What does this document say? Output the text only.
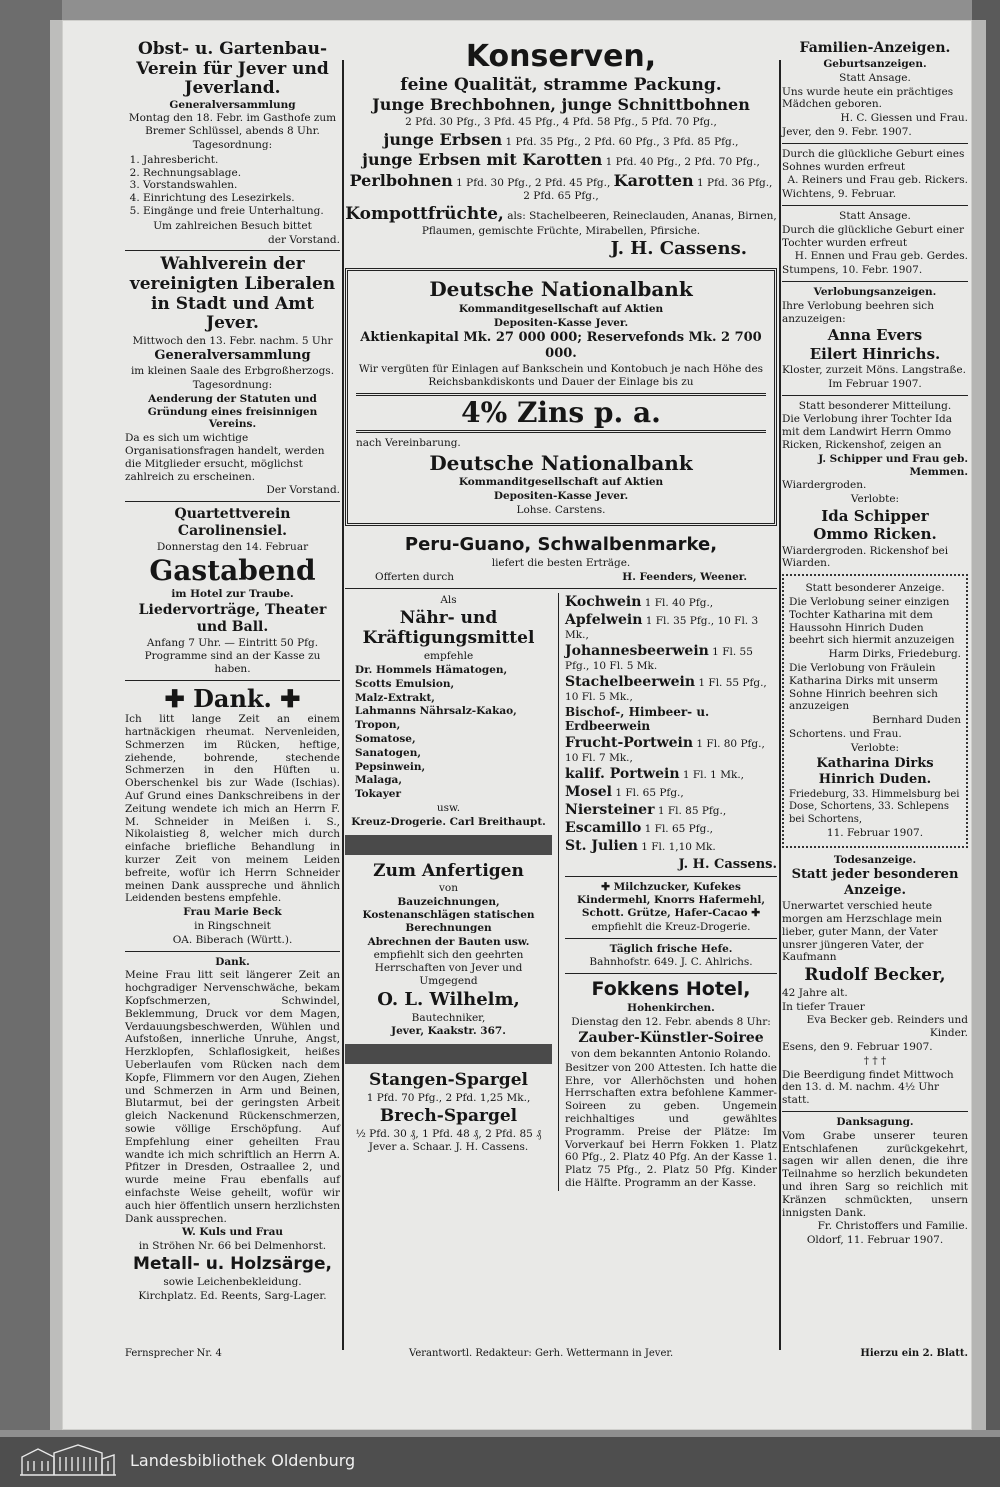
Obst- u. Gartenbau-Verein für Jever und Jeverland.
Generalversammlung

Montag den 18. Febr. im Gasthofe zum Bremer Schlüssel, abends 8 Uhr.

Tagesordnung:

1. Jahresbericht.
2. Rechnungsablage.
3. Vorstandswahlen.
4. Einrichtung des Lesezirkels.
5. Eingänge und freie Unterhaltung.

Um zahlreichen Besuch bittet

der Vorstand.

Wahlverein der vereinigten Liberalen in Stadt und Amt Jever.

Mittwoch den 13. Febr. nachm. 5 Uhr

Generalversammlung

im kleinen Saale des Erbgroßherzogs.

Tagesordnung:

Aenderung der Statuten und Gründung eines freisinnigen Vereins.

Da es sich um wichtige Organisationsfragen handelt, werden die Mitglieder ersucht, möglichst zahlreich zu erscheinen.

Der Vorstand.

Quartettverein Carolinensiel.

Donnerstag den 14. Februar

Gastabend

im Hotel zur Traube.

Liedervorträge, Theater und Ball.

Anfang 7 Uhr. — Eintritt 50 Pfg. Programme sind an der Kasse zu haben.

✚ Dank. ✚

Ich litt lange Zeit an einem hartnäckigen rheumat. Nervenleiden, Schmerzen im Rücken, heftige, ziehende, bohrende, stechende Schmerzen in den Hüften u. Oberschenkel bis zur Wade (Ischias). Auf Grund eines Dankschreibens in der Zeitung wendete ich mich an Herrn F. M. Schneider in Meißen i. S., Nikolaistieg 8, welcher mich durch einfache briefliche Behandlung in kurzer Zeit von meinem Leiden befreite, wofür ich Herrn Schneider meinen Dank ausspreche und ähnlich Leidenden bestens empfehle.

Frau Marie Beck

in Ringschneit

OA. Biberach (Württ.).

Dank.

Meine Frau litt seit längerer Zeit an hochgradiger Nervenschwäche, bekam Kopfschmerzen, Schwindel, Beklemmung, Druck vor dem Magen, Verdauungsbeschwerden, Wühlen und Aufstoßen, innerliche Unruhe, Angst, Herzklopfen, Schlaflosigkeit, heißes Ueberlaufen vom Rücken nach dem Kopfe, Flimmern vor den Augen, Ziehen und Schmerzen in Arm und Beinen, Blutarmut, bei der geringsten Arbeit gleich Nackenund Rückenschmerzen, sowie völlige Erschöpfung. Auf Empfehlung einer geheilten Frau wandte ich mich schriftlich an Herrn A. Pfitzer in Dresden, Ostraallee 2, und wurde meine Frau ebenfalls auf einfachste Weise geheilt, wofür wir auch hier öffentlich unsern herzlichsten Dank aussprechen.

W. Kuls und Frau

in Ströhen Nr. 66 bei Delmenhorst.

Metall- u. Holzsärge,

sowie Leichenbekleidung.

Kirchplatz. Ed. Reents, Sarg-Lager.

Konserven,
feine Qualität, stramme Packung.
Junge Brechbohnen, junge Schnittbohnen

2 Pfd. 30 Pfg., 3 Pfd. 45 Pfg., 4 Pfd. 58 Pfg., 5 Pfd. 70 Pfg.,

junge Erbsen 1 Pfd. 35 Pfg., 2 Pfd. 60 Pfg., 3 Pfd. 85 Pfg.,

junge Erbsen mit Karotten 1 Pfd. 40 Pfg., 2 Pfd. 70 Pfg.,

Perlbohnen 1 Pfd. 30 Pfg., 2 Pfd. 45 Pfg., Karotten 1 Pfd. 36 Pfg., 2 Pfd. 65 Pfg.,

Kompottfrüchte, als: Stachelbeeren, Reineclauden, Ananas, Birnen, Pflaumen, gemischte Früchte, Mirabellen, Pfirsiche.

J. H. Cassens.
Deutsche Nationalbank

Kommanditgesellschaft auf Aktien

Depositen-Kasse Jever.

Aktienkapital Mk. 27 000 000; Reservefonds Mk. 2 700 000.

Wir vergüten für Einlagen auf Bankschein und Kontobuch je nach Höhe des Reichsbankdiskonts und Dauer der Einlage bis zu

4% Zins p. a.

nach Vereinbarung.

Deutsche Nationalbank

Kommanditgesellschaft auf Aktien

Depositen-Kasse Jever.

Lohse. Carstens.

Peru-Guano, Schwalbenmarke,

liefert die besten Erträge.

Offerten durch	H. Feenders, Weener.

Als

Nähr- und Kräftigungsmittel

empfehle

Dr. Hommels Hämatogen,

Scotts Emulsion,

Malz-Extrakt,

Lahmanns Nährsalz-Kakao,

Tropon,

Somatose,

Sanatogen,

Pepsinwein,

Malaga,

Tokayer

usw.

Kreuz-Drogerie. Carl Breithaupt.

Zum Anfertigen

von

Bauzeichnungen, Kostenanschlägen statischen Berechnungen

Abrechnen der Bauten usw.

empfiehlt sich den geehrten Herrschaften von Jever und Umgegend

O. L. Wilhelm,

Bautechniker,

Jever, Kaakstr. 367.

Stangen-Spargel

1 Pfd. 70 Pfg., 2 Pfd. 1,25 Mk.,

Brech-Spargel

½ Pfd. 30 ₰, 1 Pfd. 48 ₰, 2 Pfd. 85 ₰

Jever a. Schaar. J. H. Cassens.

Kochwein 1 Fl. 40 Pfg.,

Apfelwein 1 Fl. 35 Pfg., 10 Fl. 3 Mk.,

Johannesbeerwein 1 Fl. 55 Pfg., 10 Fl. 5 Mk.

Stachelbeerwein 1 Fl. 55 Pfg., 10 Fl. 5 Mk.,

Bischof-, Himbeer- u. Erdbeerwein

Frucht-Portwein 1 Fl. 80 Pfg., 10 Fl. 7 Mk.,

kalif. Portwein 1 Fl. 1 Mk.,

Mosel 1 Fl. 65 Pfg.,

Niersteiner 1 Fl. 85 Pfg.,

Escamillo 1 Fl. 65 Pfg.,

St. Julien 1 Fl. 1,10 Mk.

J. H. Cassens.

✚ Milchzucker, Kufekes Kindermehl, Knorrs Hafermehl, Schott. Grütze, Hafer-Cacao ✚

empfiehlt die Kreuz-Drogerie.

Täglich frische Hefe.

Bahnhofstr. 649. J. C. Ahlrichs.

Fokkens Hotel,

Hohenkirchen.

Dienstag den 12. Febr. abends 8 Uhr:

Zauber-Künstler-Soiree

von dem bekannten Antonio Rolando.

Besitzer von 200 Attesten. Ich hatte die Ehre, vor Allerhöchsten und hohen Herrschaften extra befohlene Kammer-Soireen zu geben. Ungemein reichhaltiges und gewähltes Programm. Preise der Plätze: Im Vorverkauf bei Herrn Fokken 1. Platz 60 Pfg., 2. Platz 40 Pfg. An der Kasse 1. Platz 75 Pfg., 2. Platz 50 Pfg. Kinder die Hälfte. Programm an der Kasse.

Familien-Anzeigen.

Geburtsanzeigen.

Statt Ansage.

Uns wurde heute ein prächtiges Mädchen geboren.

H. C. Giessen und Frau.

Jever, den 9. Febr. 1907.

Durch die glückliche Geburt eines Sohnes wurden erfreut

A. Reiners und Frau geb. Rickers.

Wichtens, 9. Februar.

Statt Ansage.

Durch die glückliche Geburt einer Tochter wurden erfreut

H. Ennen und Frau geb. Gerdes.

Stumpens, 10. Febr. 1907.

Verlobungsanzeigen.

Ihre Verlobung beehren sich anzuzeigen:

Anna Evers
Eilert Hinrichs.

Kloster, zurzeit Möns. Langstraße.

Im Februar 1907.

Statt besonderer Mitteilung.

Die Verlobung ihrer Tochter Ida mit dem Landwirt Herrn Ommo Ricken, Rickenshof, zeigen an

J. Schipper und Frau geb. Memmen.

Wiardergroden.

Verlobte:

Ida Schipper
Ommo Ricken.

Wiardergroden. Rickenshof bei Wiarden.

Statt besonderer Anzeige.

Die Verlobung seiner einzigen Tochter Katharina mit dem Haussohn Hinrich Duden beehrt sich hiermit anzuzeigen

Harm Dirks, Friedeburg.

Die Verlobung von Fräulein Katharina Dirks mit unserm Sohne Hinrich beehren sich anzuzeigen

Bernhard Duden

Schortens. und Frau.

Verlobte:

Katharina Dirks

Hinrich Duden.

Friedeburg, 33. Himmelsburg bei Dose, Schortens, 33. Schlepens bei Schortens,

11. Februar 1907.

Todesanzeige.

Statt jeder besonderen Anzeige.

Unerwartet verschied heute morgen am Herzschlage mein lieber, guter Mann, der Vater unsrer jüngeren Vater, der Kaufmann

Rudolf Becker,

42 Jahre alt.

In tiefer Trauer

Eva Becker geb. Reinders und Kinder.

Esens, den 9. Februar 1907.

† † †

Die Beerdigung findet Mittwoch den 13. d. M. nachm. 4½ Uhr statt.

Danksagung.

Vom Grabe unserer teuren Entschlafenen zurückgekehrt, sagen wir allen denen, die ihre Teilnahme so herzlich bekundeten und ihren Sarg so reichlich mit Kränzen schmückten, unsern innigsten Dank.

Fr. Christoffers und Familie.

Oldorf, 11. Februar 1907.

Fernsprecher Nr. 4	Verantwortl. Redakteur: Gerh. Wettermann in Jever.	Hierzu ein 2. Blatt.
Landesbibliothek Oldenburg
